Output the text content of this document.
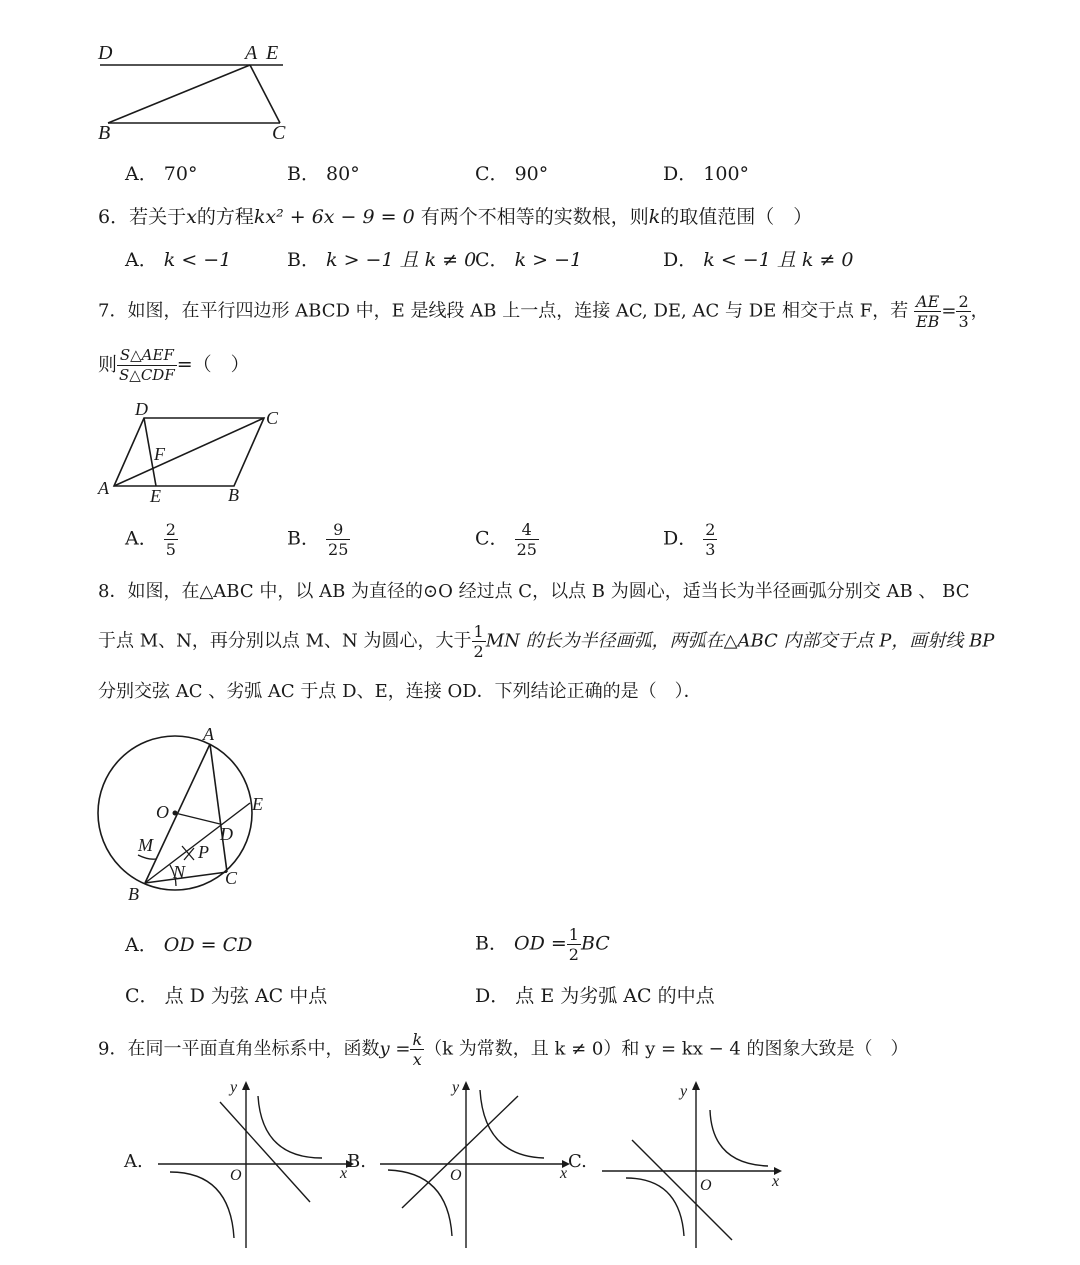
D	A E
B	C
A． 70°	B． 80°	C． 90°	D． 100°
6．若关于x的方程kx² + 6x − 9 = 0 有两个不相等的实数根，则k的取值范围（　）
A． k < −1	B． k > −1 且 k ≠ 0
C． k > −1	D． k < −1 且 k ≠ 0
7．如图，在平行四边形 ABCD 中，E 是线段 AB 上一点，连接 AC, DE, AC 与 DE 相交于点 F，若 $\frac{AE}{EB} = \frac{2}{3}$ ，
则 $\frac{\text{S△AEF}}{\text{S△CDF}}$ =（　）
D	C
F
A E	B
A． $\frac{2}{5}$	B． $\frac{9}{25}$	C． $\frac{4}{25}$	D． $\frac{2}{3}$
8．如图，在△ABC 中，以 AB 为直径的⊙O 经过点 C，以点 B 为圆心，适当长为半径画弧分别交 AB 、 BC
于点 M、N，再分别以点 M、N 为圆心，大于 $\frac{1}{2}$ MN 的长为半径画弧，两弧在△ABC 内部交于点 P，画射线 BP
分别交弦 AC 、劣弧 AC 于点 D、E，连接 OD．下列结论正确的是（　）．
A
O	E
D
M	P
N
B
C
A． OD = CD	B． OD = $\frac{1}{2}$ BC
C． 点 D 为弦 AC 中点	D． 点 E 为劣弧 AC 的中点
9．在同一平面直角坐标系中，函数$y = \frac{k}{x} (k$ 为常数，且 k ≠ 0）和 y = kx − 4 的图象大致是（　）
A.
y
x
O
B.
y
x
O
C.
y
x
O
